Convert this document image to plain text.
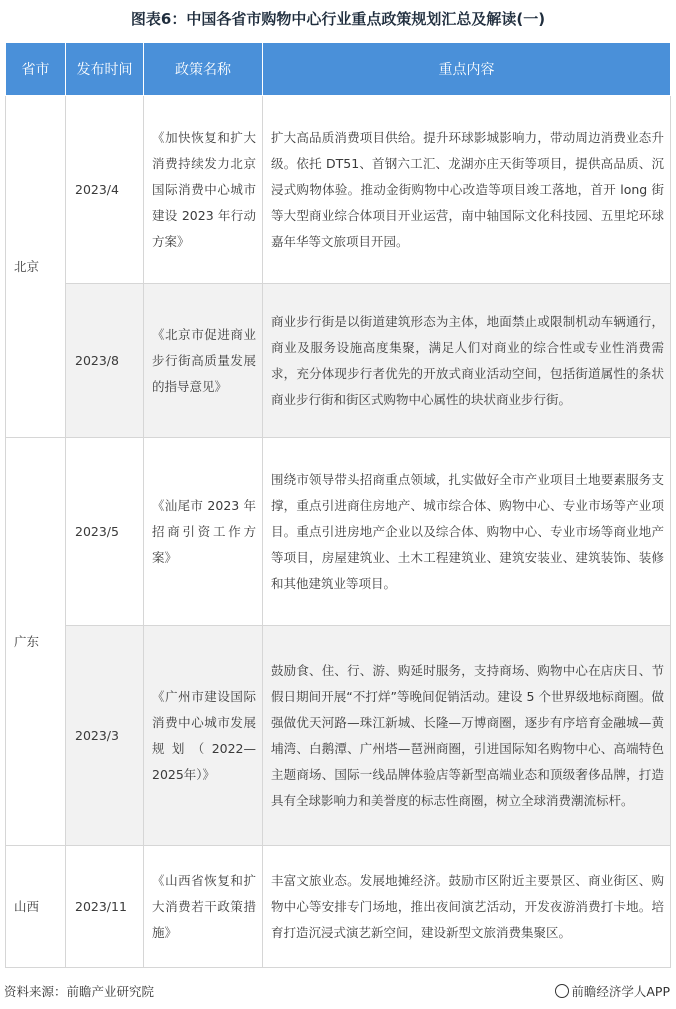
图表6：中国各省市购物中心行业重点政策规划汇总及解读(一)
省市	发布时间	政策名称	重点内容
北京	2023/4	《加快恢复和扩大消费持续发力北京国际消费中心城市建设 2023 年行动方案》	扩大高品质消费项目供给。提升环球影城影响力，带动周边消费业态升级。依托 DT51、首钢六工汇、龙湖亦庄天街等项目，提供高品质、沉浸式购物体验。推动金街购物中心改造等项目竣工落地，首开 long 街等大型商业综合体项目开业运营，南中轴国际文化科技园、五里坨环球嘉年华等文旅项目开园。
	2023/8	《北京市促进商业步行街高质量发展的指导意见》	商业步行街是以街道建筑形态为主体，地面禁止或限制机动车辆通行，商业及服务设施高度集聚，满足人们对商业的综合性或专业性消费需求，充分体现步行者优先的开放式商业活动空间，包括街道属性的条状商业步行街和街区式购物中心属性的块状商业步行街。
广东	2023/5	《汕尾市 2023 年招商引资工作方案》	围绕市领导带头招商重点领域，扎实做好全市产业项目土地要素服务支撑，重点引进商住房地产、城市综合体、购物中心、专业市场等产业项目。重点引进房地产企业以及综合体、购物中心、专业市场等商业地产等项目，房屋建筑业、土木工程建筑业、建筑安装业、建筑装饰、装修和其他建筑业等项目。
	2023/3	《广州市建设国际消费中心城市发展规划（2022—2025年）》	鼓励食、住、行、游、购延时服务，支持商场、购物中心在店庆日、节假日期间开展“不打烊”等晚间促销活动。建设 5 个世界级地标商圈。做强做优天河路—珠江新城、长隆—万博商圈，逐步有序培育金融城—黄埔湾、白鹅潭、广州塔—琶洲商圈，引进国际知名购物中心、高端特色主题商场、国际一线品牌体验店等新型高端业态和顶级奢侈品牌，打造具有全球影响力和美誉度的标志性商圈，树立全球消费潮流标杆。
山西	2023/11	《山西省恢复和扩大消费若干政策措施》	丰富文旅业态。发展地摊经济。鼓励市区附近主要景区、商业街区、购物中心等安排专门场地，推出夜间演艺活动，开发夜游消费打卡地。培育打造沉浸式演艺新空间，建设新型文旅消费集聚区。
资料来源：前瞻产业研究院	前瞻经济学人APP
